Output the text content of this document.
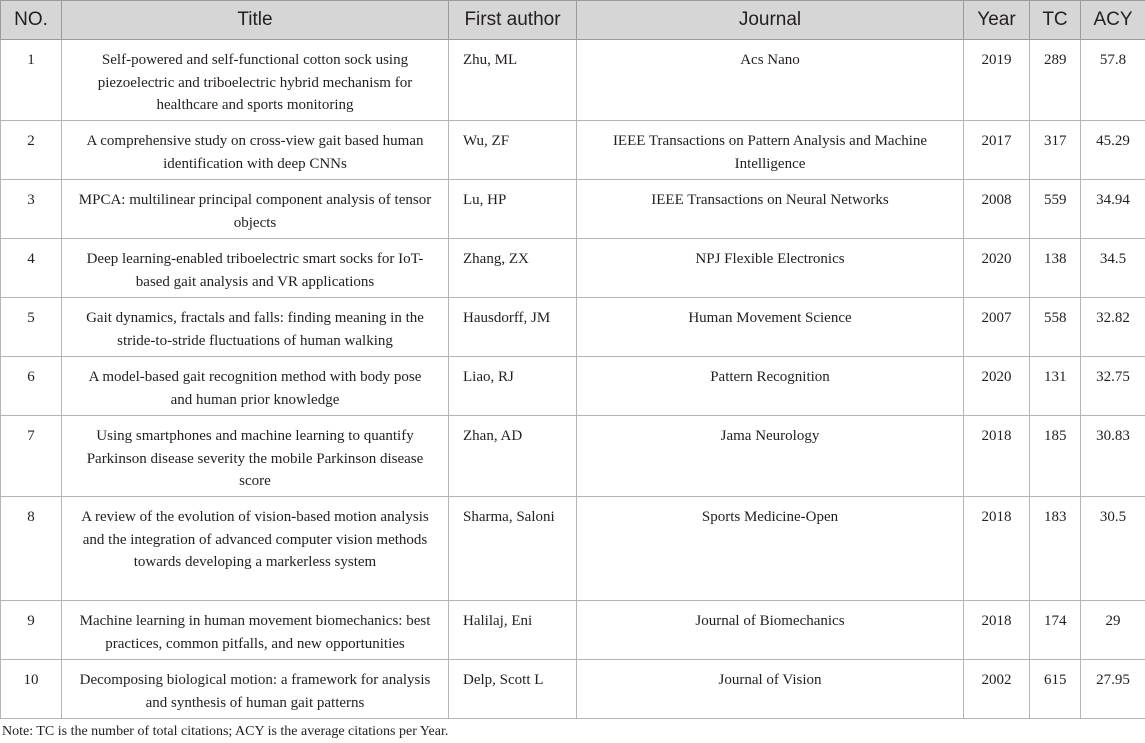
NO.	Title	First author	Journal	Year	TC	ACY
1	Self-powered and self-functional cotton sock using piezoelectric and triboelectric hybrid mechanism for healthcare and sports monitoring	Zhu, ML	Acs Nano	2019	289	57.8
2	A comprehensive study on cross-view gait based human identification with deep CNNs	Wu, ZF	IEEE Transactions on Pattern Analysis and Machine Intelligence	2017	317	45.29
3	MPCA: multilinear principal component analysis of tensor objects	Lu, HP	IEEE Transactions on Neural Networks	2008	559	34.94
4	Deep learning-enabled triboelectric smart socks for IoT-based gait analysis and VR applications	Zhang, ZX	NPJ Flexible Electronics	2020	138	34.5
5	Gait dynamics, fractals and falls: finding meaning in the stride-to-stride fluctuations of human walking	Hausdorff, JM	Human Movement Science	2007	558	32.82
6	A model-based gait recognition method with body pose and human prior knowledge	Liao, RJ	Pattern Recognition	2020	131	32.75
7	Using smartphones and machine learning to quantify Parkinson disease severity the mobile Parkinson disease score	Zhan, AD	Jama Neurology	2018	185	30.83
8	A review of the evolution of vision-based motion analysis and the integration of advanced computer vision methods towards developing a markerless system	Sharma, Saloni	Sports Medicine-Open	2018	183	30.5
9	Machine learning in human movement biomechanics: best practices, common pitfalls, and new opportunities	Halilaj, Eni	Journal of Biomechanics	2018	174	29
10	Decomposing biological motion: a framework for analysis and synthesis of human gait patterns	Delp, Scott L	Journal of Vision	2002	615	27.95
Note: TC is the number of total citations; ACY is the average citations per Year.
